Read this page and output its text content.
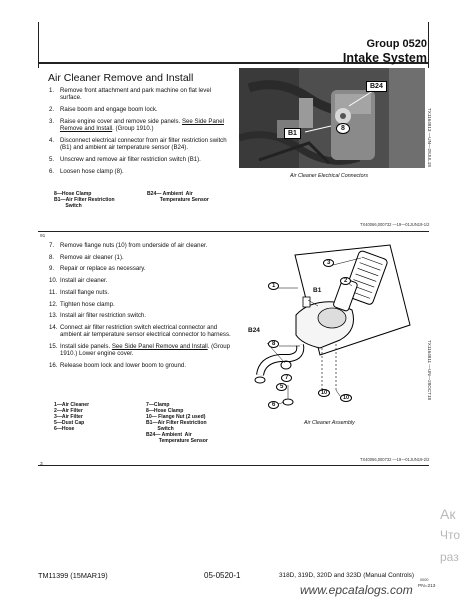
Group 0520
Intake System
Air Cleaner Remove and Install
1. Remove front attachment and park machine on flat level surface.
2. Raise boom and engage boom lock.
3. Raise engine cover and remove side panels. See Side Panel Remove and Install. (Group 1910.)
4. Disconnect electrical connector from air filter restriction switch (B1) and ambient air temperature sensor (B24).
5. Unscrew and remove air filter restriction switch (B1).
6. Loosen hose clamp (8).
8—Hose Clamp
B1—Air Filter Restriction
Switch
B24— Ambient  Air
Temperature Sensor
B24
B1
8
Air Cleaner Electrical Connectors
TX1164813 —UN—28JUL18
TX40066,000732 —19—01JUN19-1/2
7. Remove flange nuts (10) from underside of air cleaner.
8. Remove air cleaner (1).
9. Repair or replace as necessary.
10. Install air cleaner.
11. Install flange nuts.
12. Tighten hose clamp.
13. Install air filter restriction switch.
14. Connect air filter restriction switch electrical connector and ambient air temperature sensor electrical connector to harness.
15. Install side panels. See Side Panel Remove and Install. (Group 1910.) Lower engine cover.
16. Release boom lock and lower boom to ground.
1—Air Cleaner
2—Air Filter
3—Air Filter
5—Dust Cap
6—Hose
7—Clamp
8—Hose Clamp
10— Flange Nut (2 used)
B1—Air Filter Restriction
Switch
B24— Ambient  Air
Temperature Sensor
1
2
3
B1
B24
8
5
7
6
10
10
Air Cleaner Assembly
TX1164811 —UN—28OCT18
TX40066,000732 —19—01JUN19-2/2
91
3
Ак
Что
раз
TM11399 (15MAR19)	05-0520-1	318D, 319D, 320D and 323D (Manual Controls)
0000
PN=213
www.epcatalogs.com
